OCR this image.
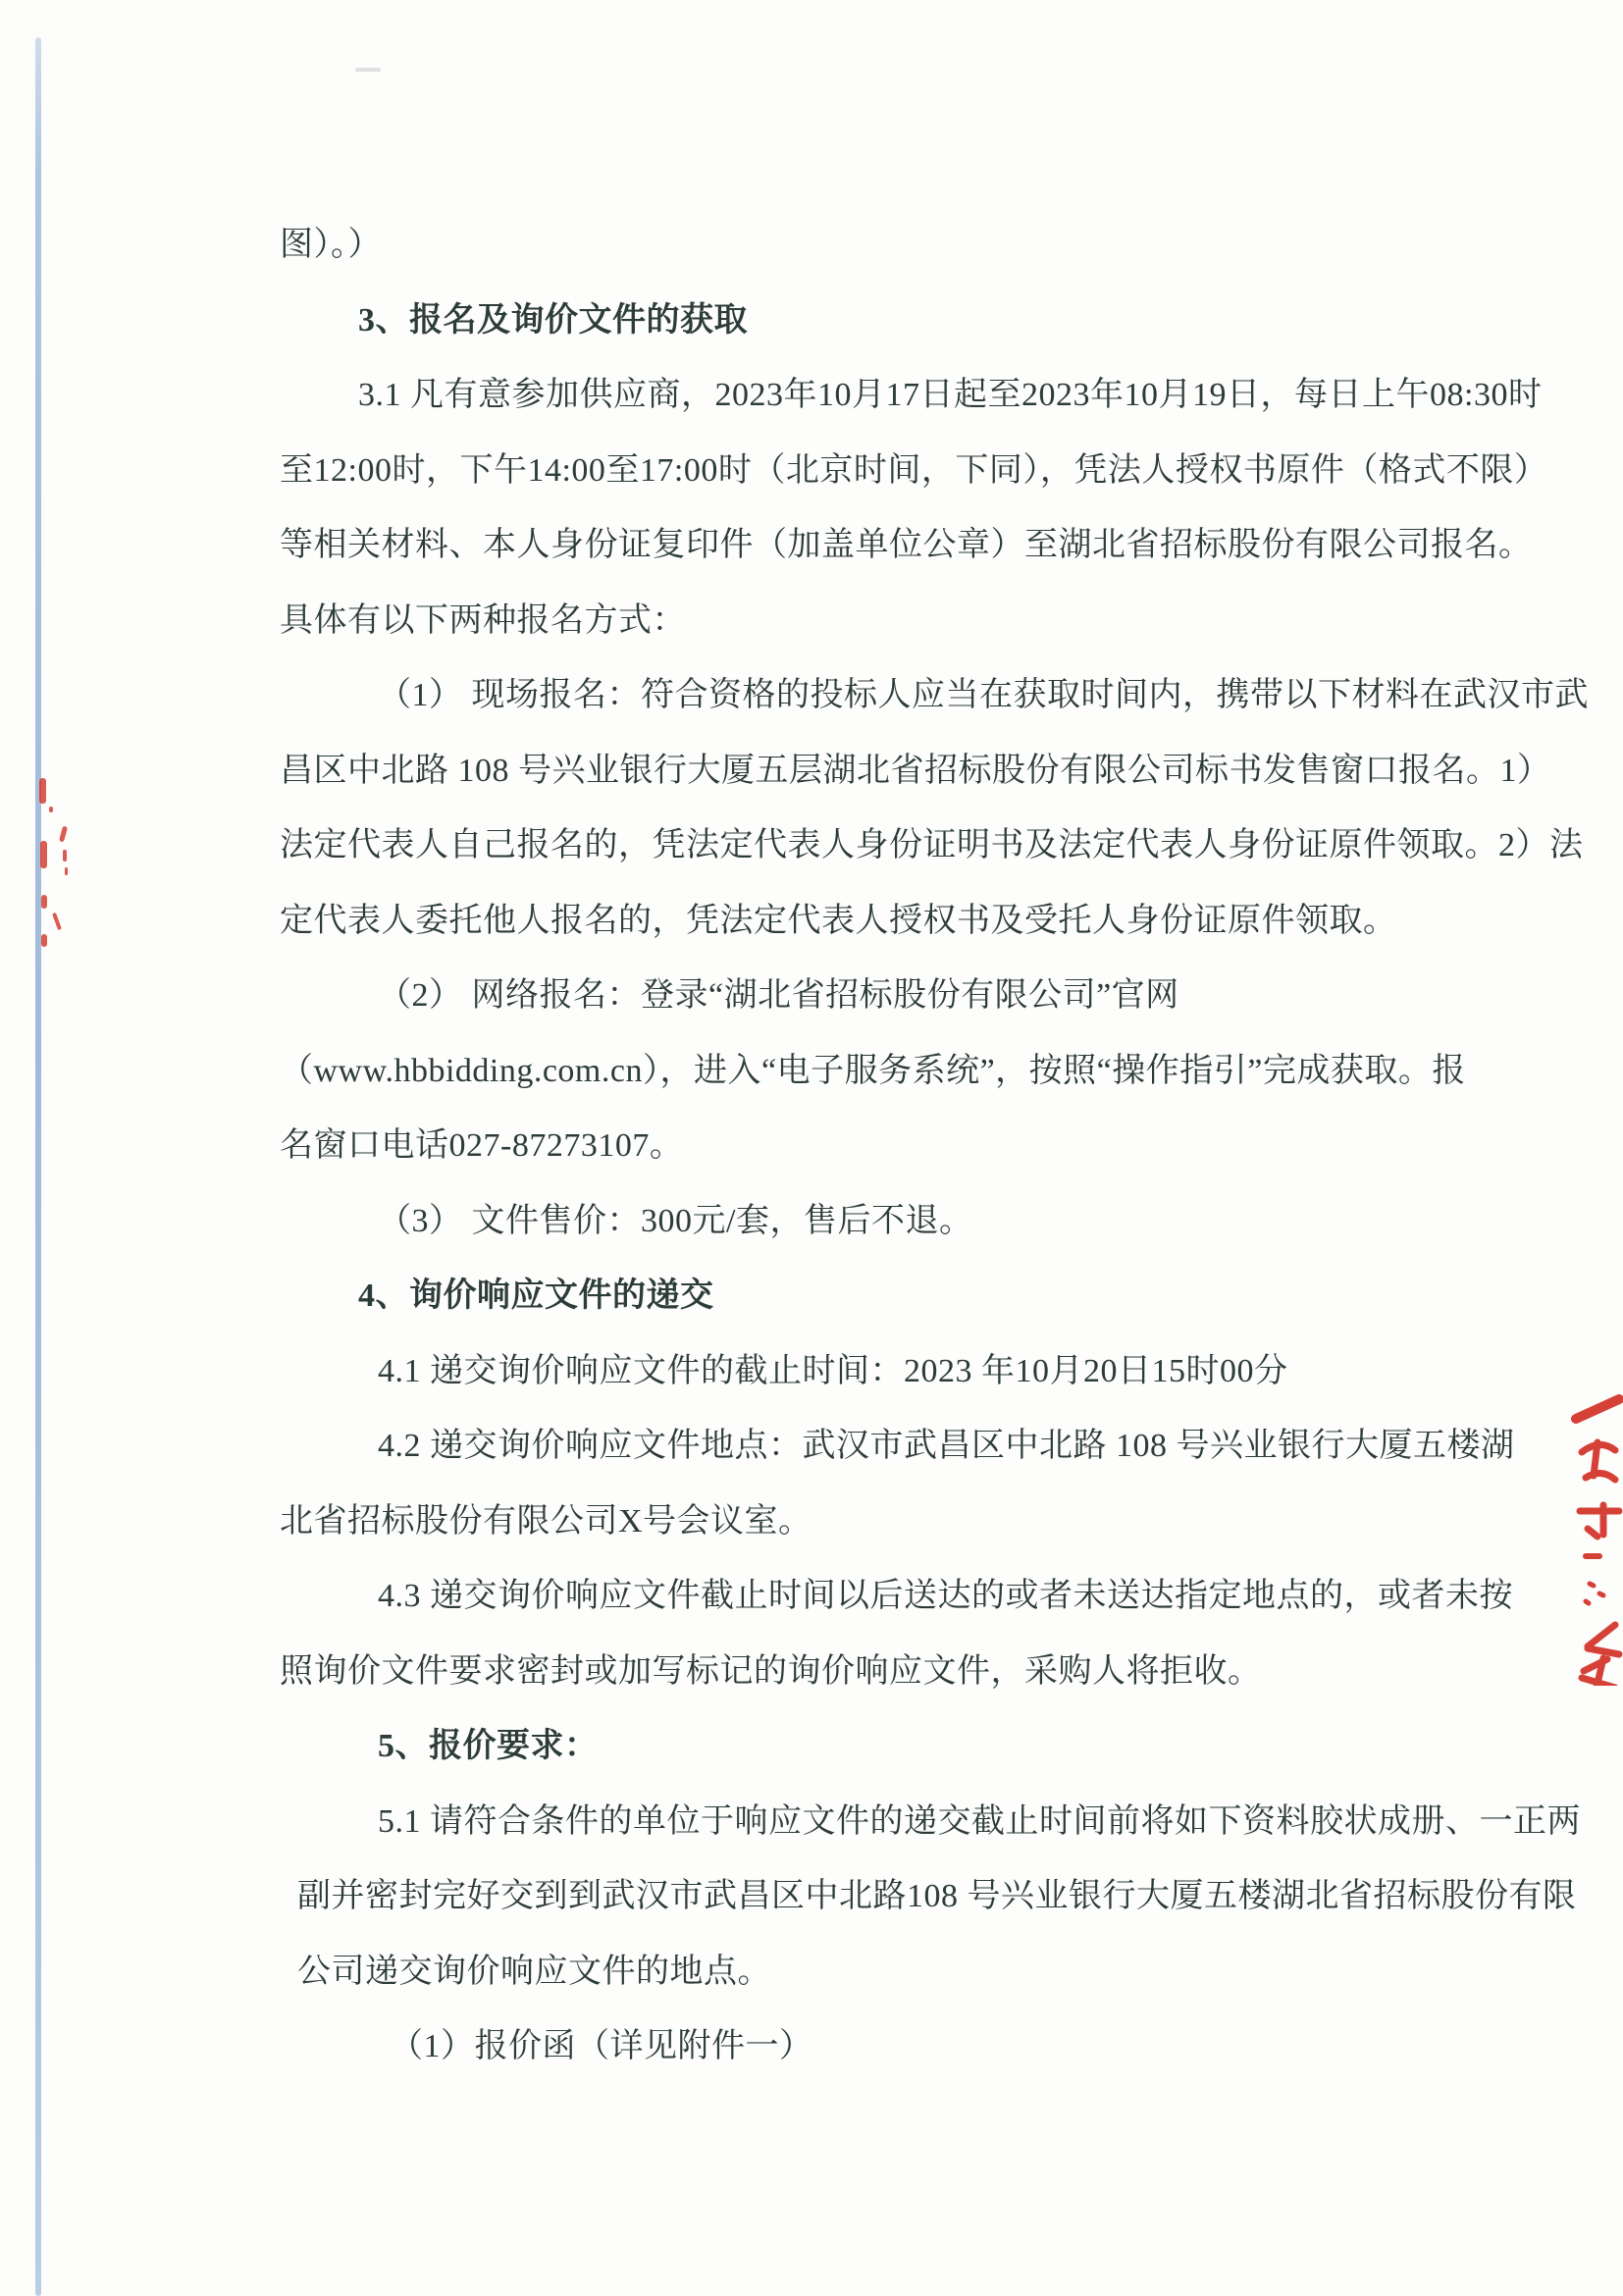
图）。）
3、报名及询价文件的获取
3.1 凡有意参加供应商，2023年10月17日起至2023年10月19日，每日上午08:30时
至12:00时，下午14:00至17:00时（北京时间，下同），凭法人授权书原件（格式不限）
等相关材料、本人身份证复印件（加盖单位公章）至湖北省招标股份有限公司报名。
具体有以下两种报名方式：
（1） 现场报名：符合资格的投标人应当在获取时间内，携带以下材料在武汉市武
昌区中北路 108 号兴业银行大厦五层湖北省招标股份有限公司标书发售窗口报名。1）
法定代表人自己报名的，凭法定代表人身份证明书及法定代表人身份证原件领取。2）法
定代表人委托他人报名的，凭法定代表人授权书及受托人身份证原件领取。
（2） 网络报名：登录“湖北省招标股份有限公司”官网
（www.hbbidding.com.cn），进入“电子服务系统”，按照“操作指引”完成获取。报
名窗口电话027-87273107。
（3） 文件售价：300元/套，售后不退。
4、询价响应文件的递交
4.1 递交询价响应文件的截止时间：2023 年10月20日15时00分
4.2 递交询价响应文件地点：武汉市武昌区中北路 108 号兴业银行大厦五楼湖
北省招标股份有限公司X号会议室。
4.3 递交询价响应文件截止时间以后送达的或者未送达指定地点的，或者未按
照询价文件要求密封或加写标记的询价响应文件，采购人将拒收。
5、报价要求：
5.1 请符合条件的单位于响应文件的递交截止时间前将如下资料胶状成册、一正两
副并密封完好交到到武汉市武昌区中北路108 号兴业银行大厦五楼湖北省招标股份有限
公司递交询价响应文件的地点。
（1）报价函（详见附件一）
